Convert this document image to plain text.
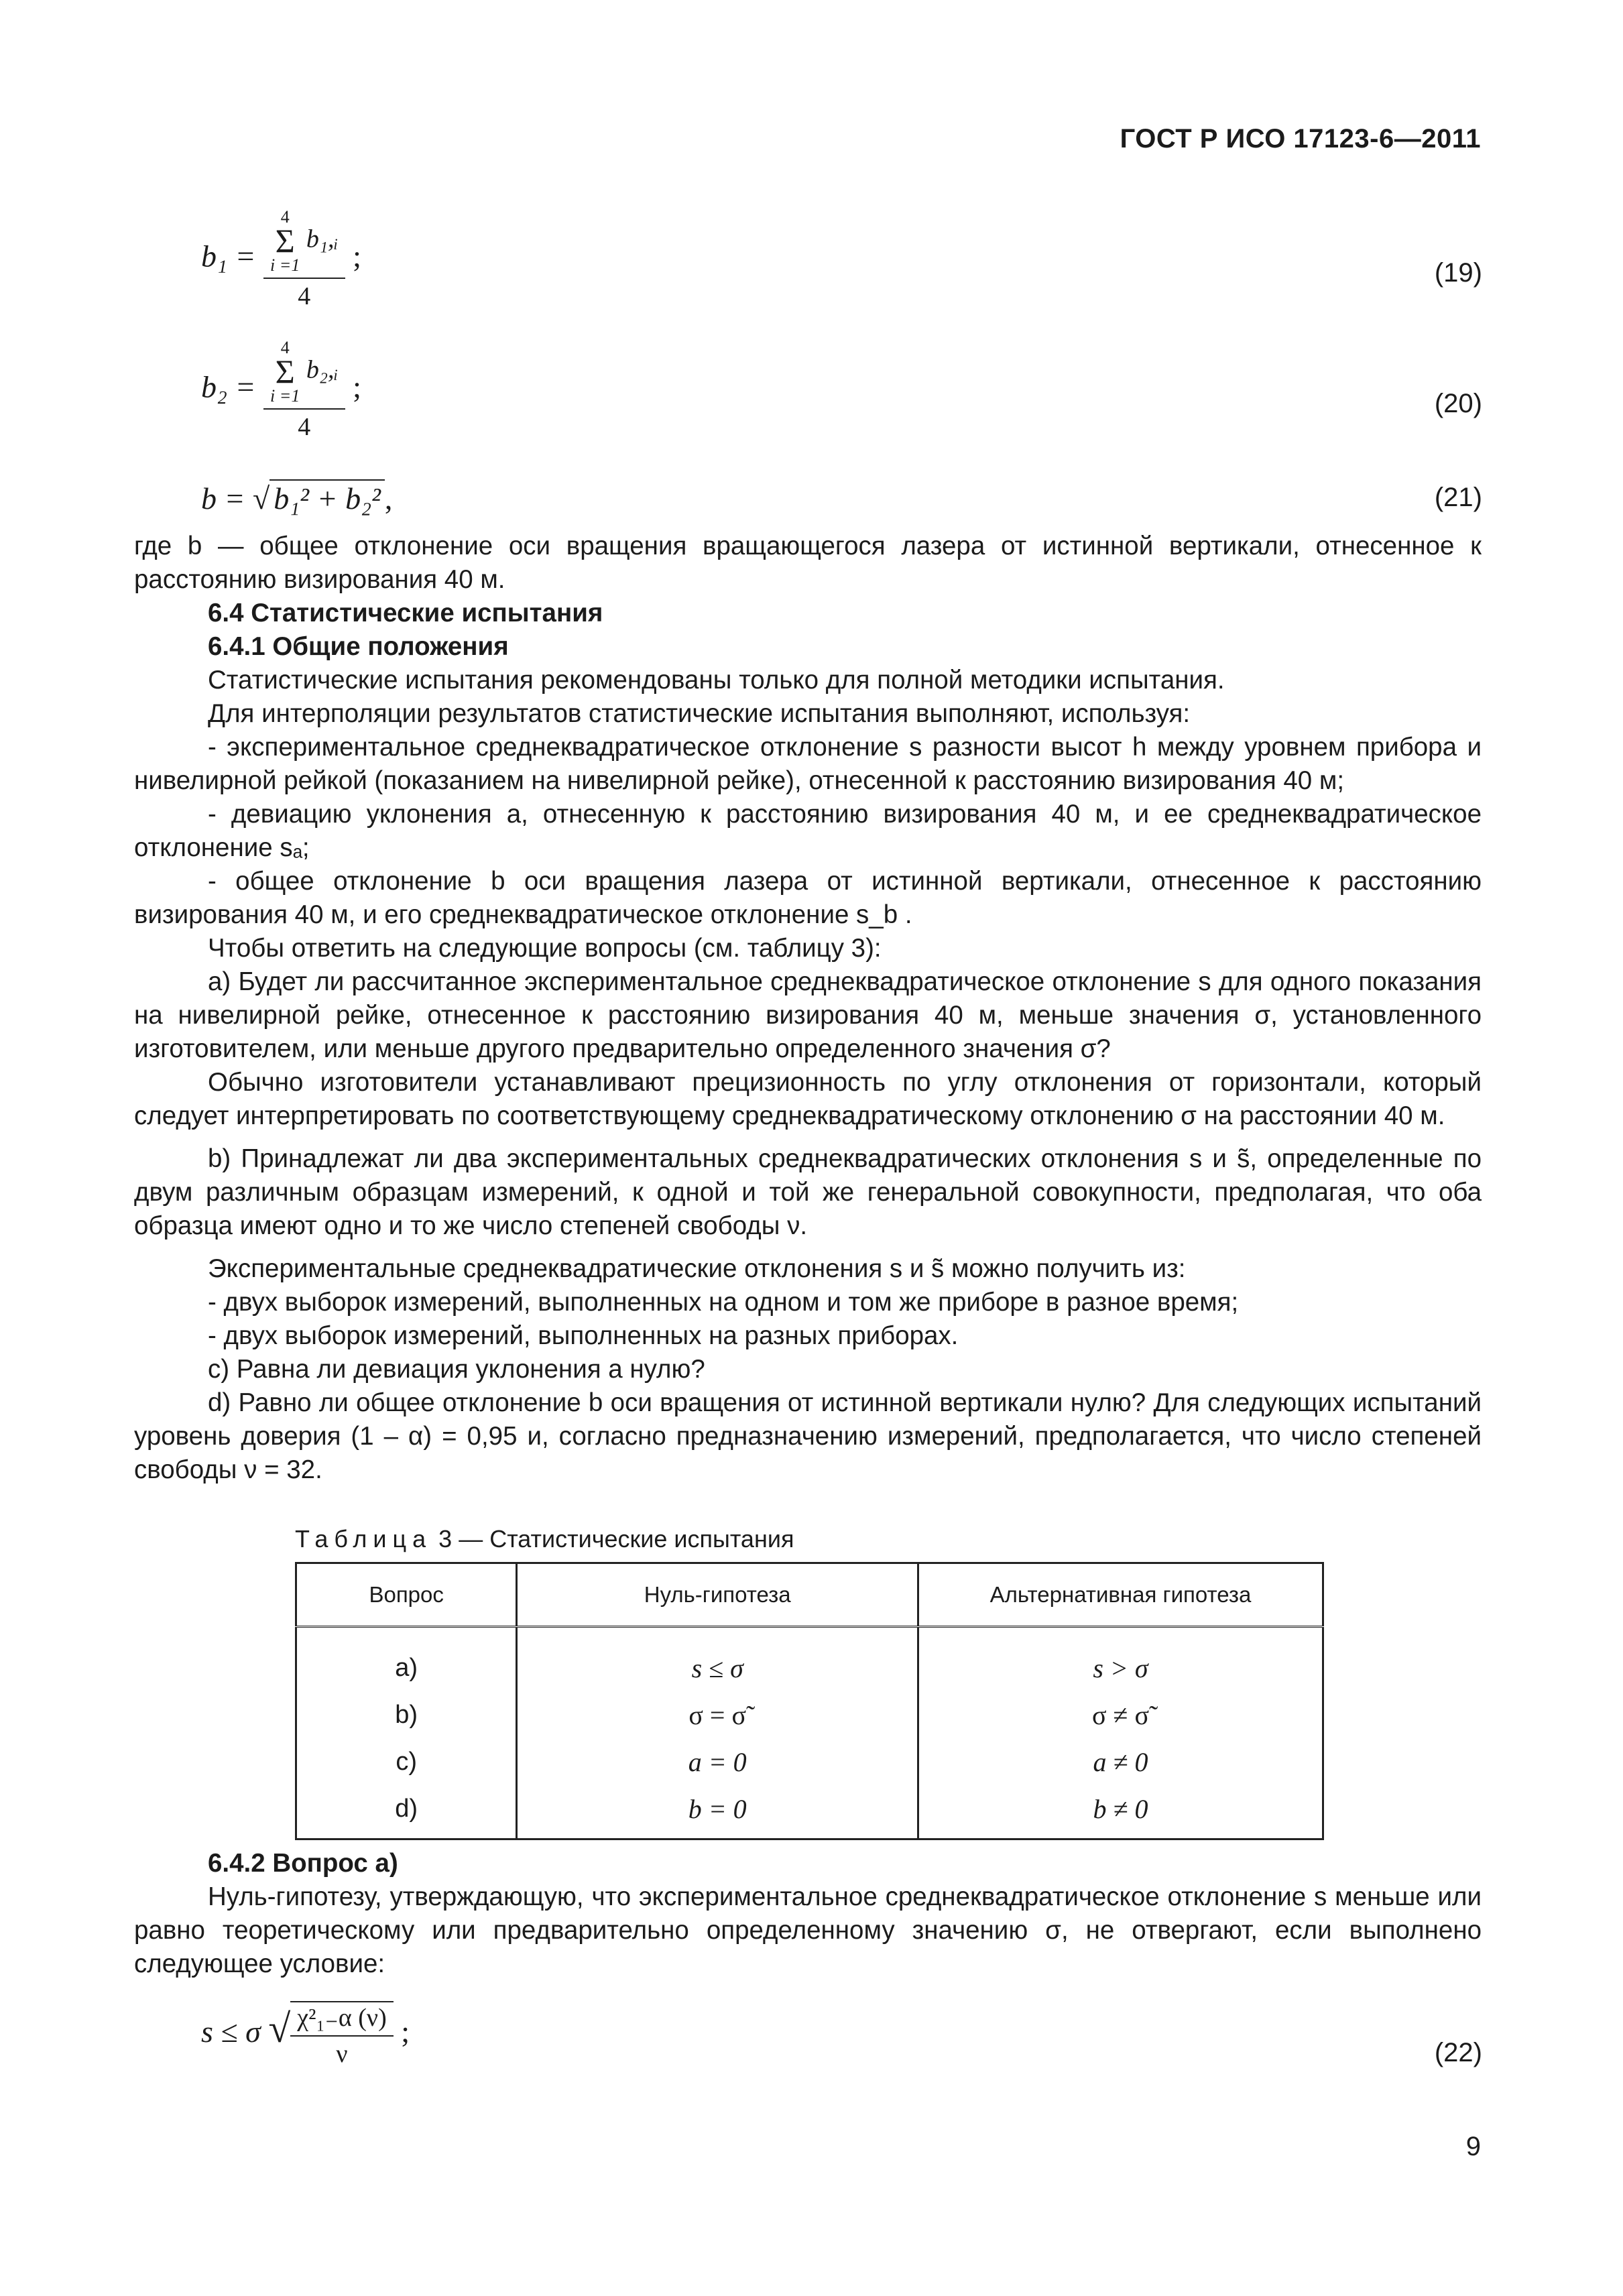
ГОСТ Р ИСО 17123-6—2011
b₁ =
4
Σ
i =1 b₁,ᵢ
4
;	(19)
b₂ =
4
Σ
i =1 b₂,ᵢ
4
;	(20)
b = √ b₁² + b₂² ,	(21)

где b — общее отклонение оси вращения вращающегося лазера от истинной вертикали, отнесенное к расстоянию визирования 40 м.

6.4 Статистические испытания

6.4.1 Общие положения

Статистические испытания рекомендованы только для полной методики испытания.

Для интерполяции результатов статистические испытания выполняют, используя:

- экспериментальное среднеквадратическое отклонение s разности высот h между уровнем прибора и нивелирной рейкой (показанием на нивелирной рейке), отнесенной к расстоянию визирования 40 м;

- девиацию уклонения a, отнесенную к расстоянию визирования 40 м, и ее среднеквадратическое отклонение sₐ;

- общее отклонение b оси вращения лазера от истинной вертикали, отнесенное к расстоянию визирования 40 м, и его среднеквадратическое отклонение s_b .

Чтобы ответить на следующие вопросы (см. таблицу 3):

а) Будет ли рассчитанное экспериментальное среднеквадратическое отклонение s для одного показания на нивелирной рейке, отнесенное к расстоянию визирования 40 м, меньше значения σ, установленного изготовителем, или меньше другого предварительно определенного значения σ?

Обычно изготовители устанавливают прецизионность по углу отклонения от горизонтали, который следует интерпретировать по соответствующему среднеквадратическому отклонению σ на расстоянии 40 м.

b) Принадлежат ли два экспериментальных среднеквадратических отклонения s и s̃, определенные по двум различным образцам измерений, к одной и той же генеральной совокупности, предполагая, что оба образца имеют одно и то же число степеней свободы ν.

Экспериментальные среднеквадратические отклонения s и s̃ можно получить из:

- двух выборок измерений, выполненных на одном и том же приборе в разное время;

- двух выборок измерений, выполненных на разных приборах.

c) Равна ли девиация уклонения a нулю?

d) Равно ли общее отклонение b оси вращения от истинной вертикали нулю? Для следующих испытаний уровень доверия (1 – α) = 0,95 и, согласно предназначению измерений, предполагается, что число степеней свободы ν = 32.

Таблица 3 — Статистические испытания
Вопрос	Нуль-гипотеза	Альтернативная гипотеза
a)	s ≤ σ	s > σ
b)	σ = σ̃	σ ≠ σ̃
c)	a = 0	a ≠ 0
d)	b = 0	b ≠ 0

6.4.2 Вопрос а)

Нуль-гипотезу, утверждающую, что экспериментальное среднеквадратическое отклонение s меньше или равно теоретическому или предварительно определенному значению σ, не отвергают, если выполнено следующее условие:

s ≤ σ √ $\frac{\text{χ²₁₋α (ν)}}{\nu}$ ;
(22)
9
